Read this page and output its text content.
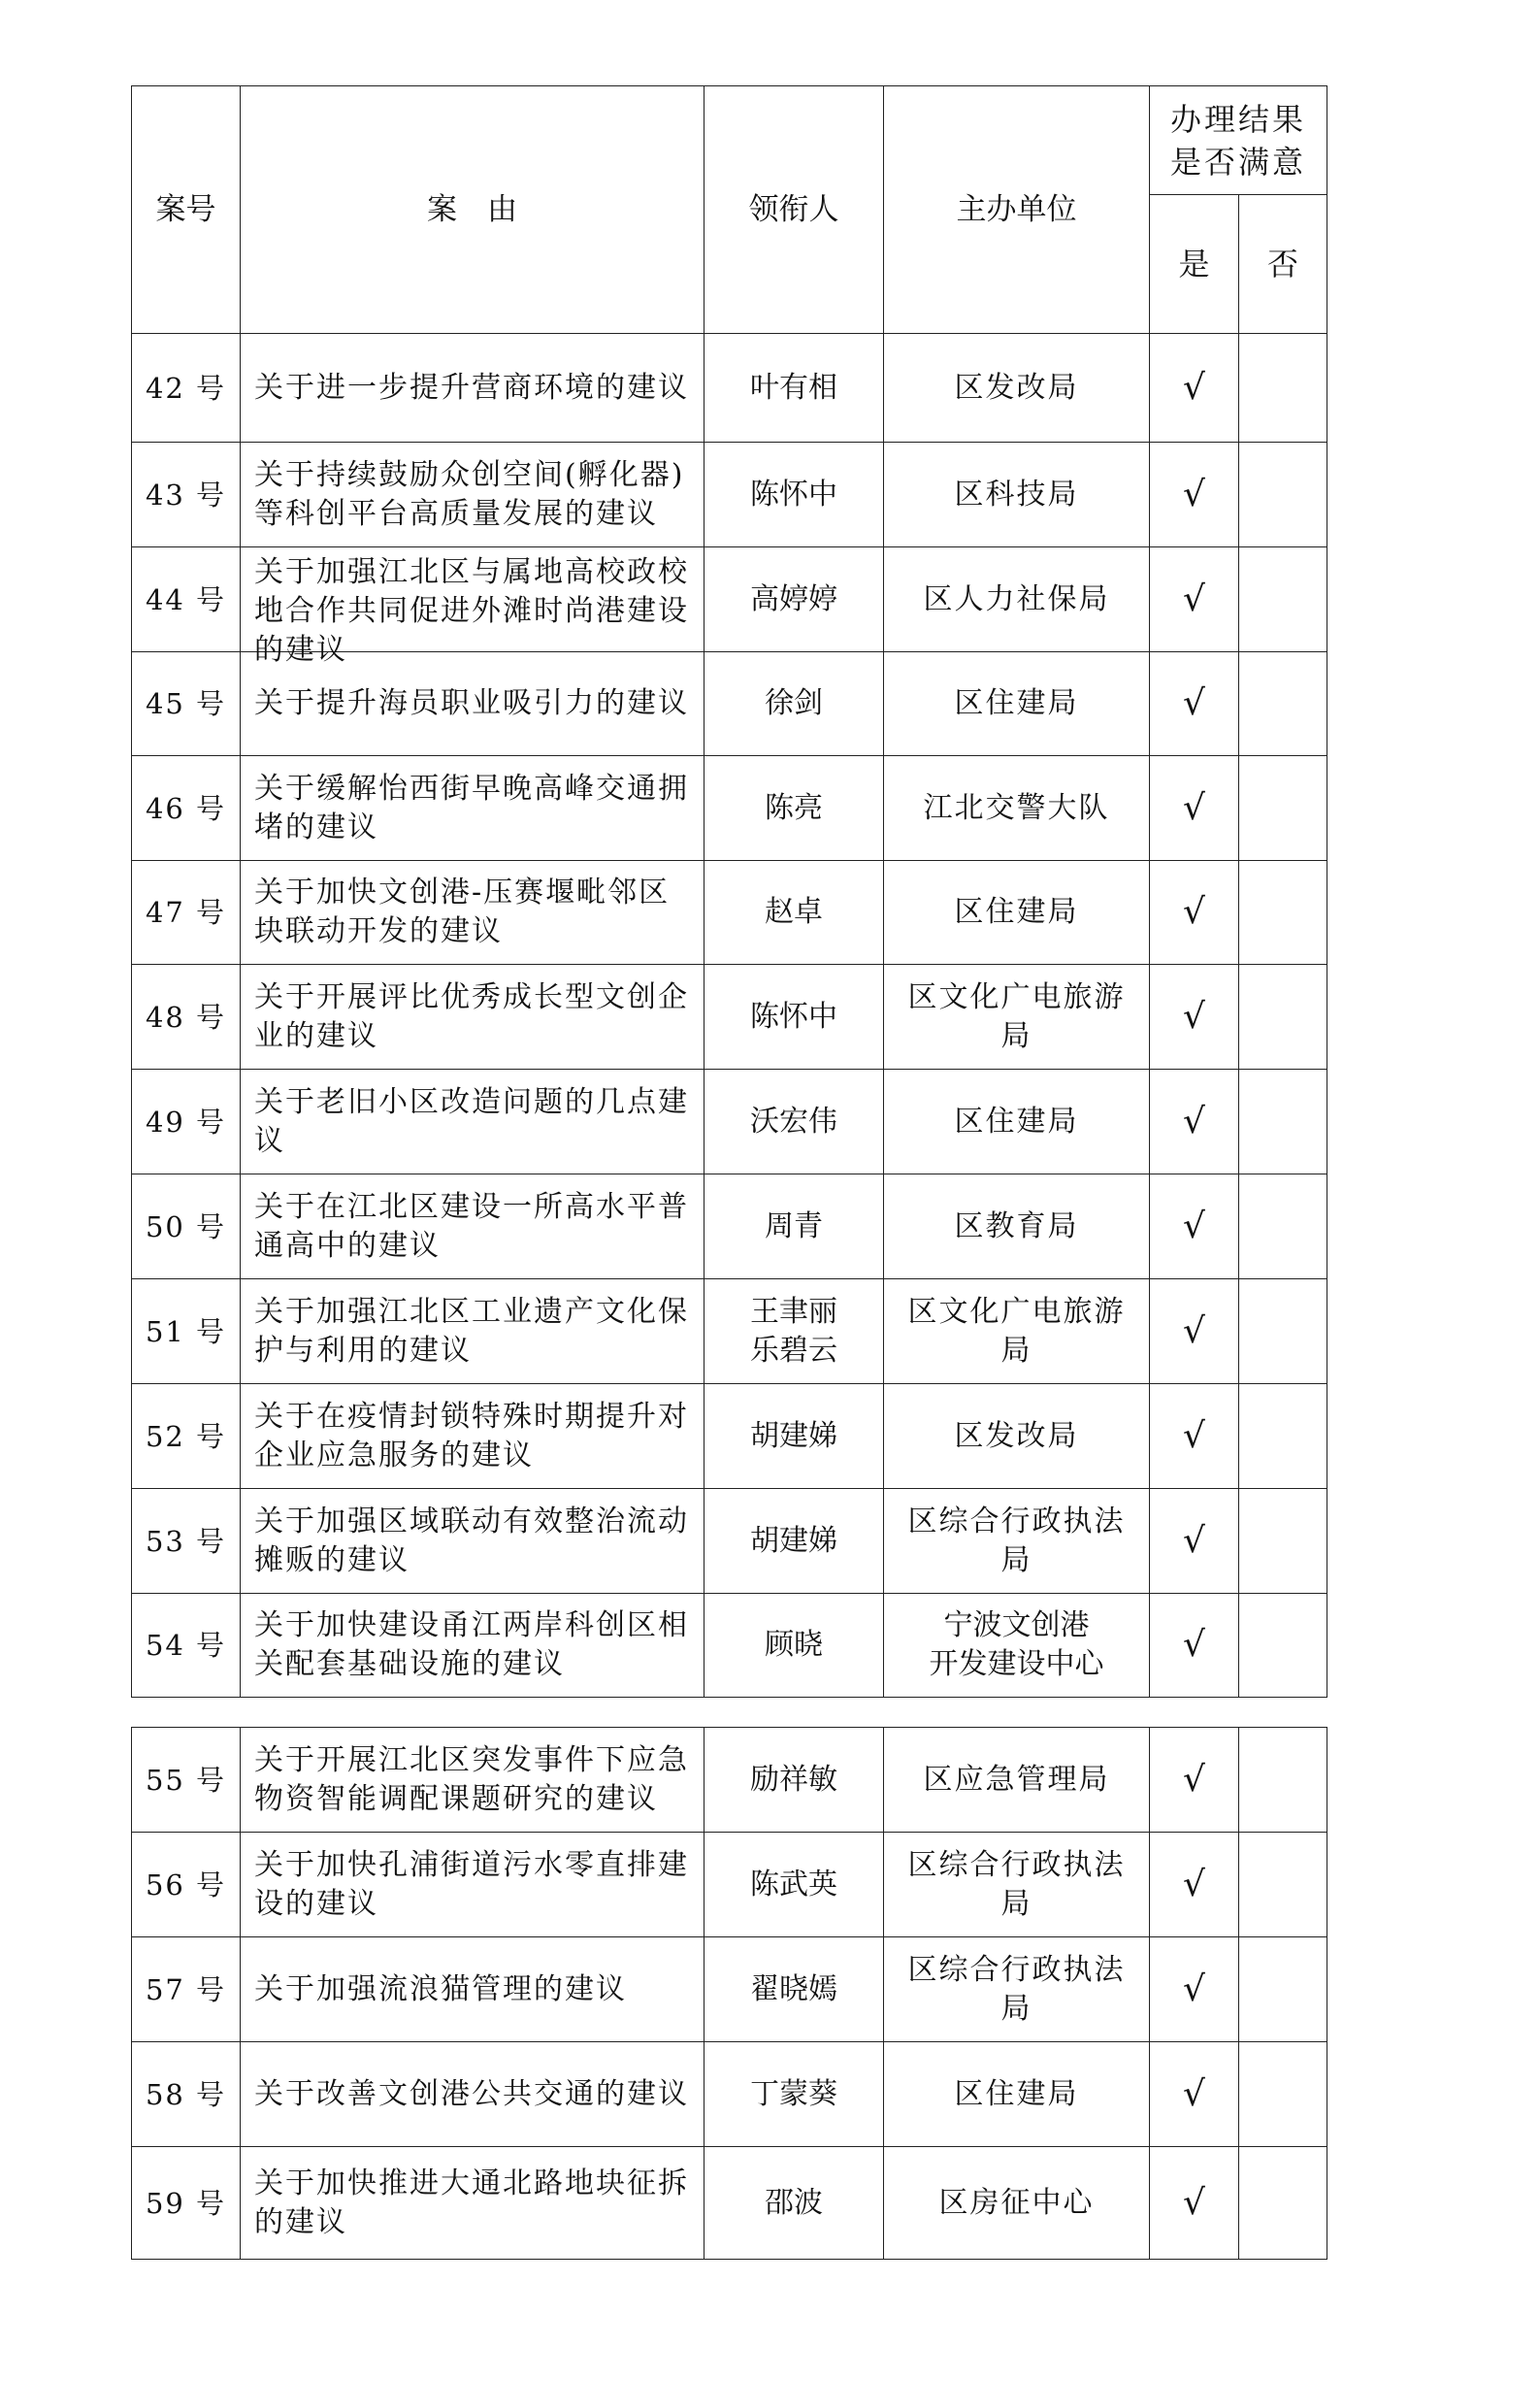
案号	案　由	领衔人	主办单位	办理结果
是否满意	

				是	否
42 号	关于进一步提升营商环境的建议	叶有相	区发改局	√	
43 号	关于持续鼓励众创空间(孵化器)等科创平台高质量发展的建议	陈怀中	区科技局	√	
44 号	关于加强江北区与属地高校政校地合作共同促进外滩时尚港建设的建议	高婷婷	区人力社保局	√	
45 号	关于提升海员职业吸引力的建议	徐剑	区住建局	√	
46 号	关于缓解怡西街早晚高峰交通拥堵的建议	陈亮	江北交警大队	√	
47 号	关于加快文创港-压赛堰毗邻区块联动开发的建议	赵卓	区住建局	√	
48 号	关于开展评比优秀成长型文创企业的建议	陈怀中	区文化广电旅游局	√	
49 号	关于老旧小区改造问题的几点建议	沃宏伟	区住建局	√	
50 号	关于在江北区建设一所高水平普通高中的建议	周青	区教育局	√	
51 号	关于加强江北区工业遗产文化保护与利用的建议	王聿丽
乐碧云	区文化广电旅游局	√	
52 号	关于在疫情封锁特殊时期提升对企业应急服务的建议	胡建娣	区发改局	√	
53 号	关于加强区域联动有效整治流动摊贩的建议	胡建娣	区综合行政执法局	√	
54 号	关于加快建设甬江两岸科创区相关配套基础设施的建议	顾晓	宁波文创港
开发建设中心	√	
55 号	关于开展江北区突发事件下应急物资智能调配课题研究的建议	励祥敏	区应急管理局	√	
56 号	关于加快孔浦街道污水零直排建设的建议	陈武英	区综合行政执法局	√	
57 号	关于加强流浪猫管理的建议	翟晓嫣	区综合行政执法局	√	
58 号	关于改善文创港公共交通的建议	丁蒙葵	区住建局	√	
59 号	关于加快推进大通北路地块征拆的建议	邵波	区房征中心	√	
